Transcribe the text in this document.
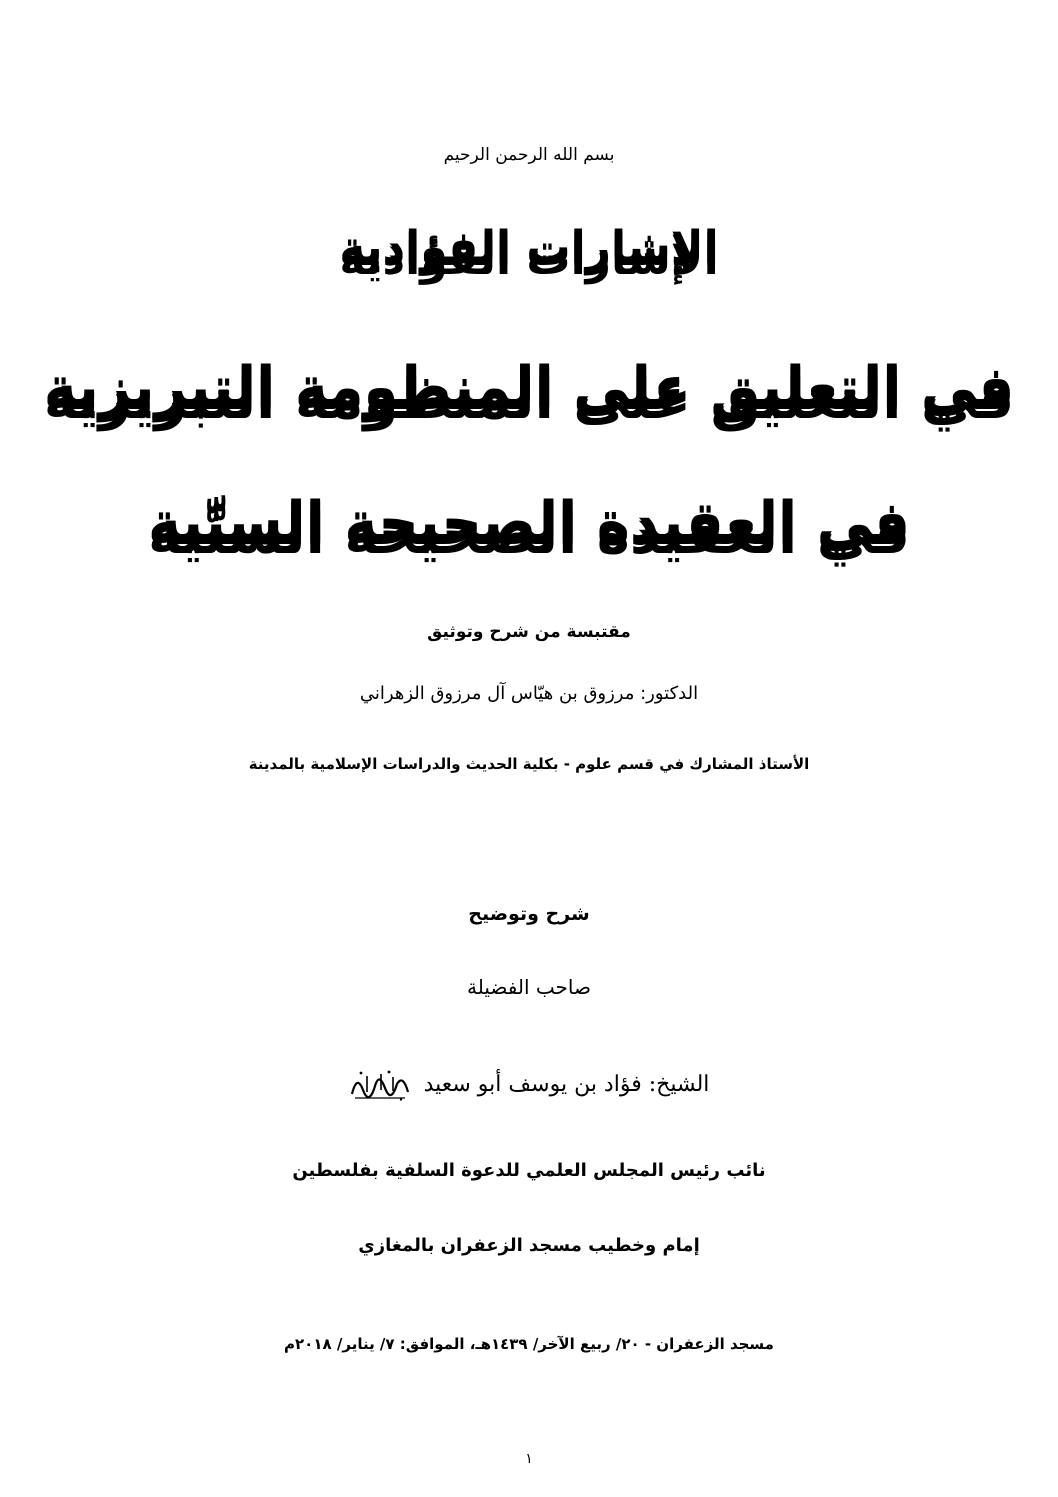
بسم الله الرحمن الرحيم
الإشارات الفؤادية
في التعليق على المنظومة التبريزية
في العقيدة الصحيحة السنّية
مقتبسة من شرح وتوثيق
الدكتور: مرزوق بن هيّاس آل مرزوق الزهراني
الأستاذ المشارك في قسم علوم - بكلية الحديث والدراسات الإسلامية بالمدينة
شرح وتوضيح
صاحب الفضيلة
الشيخ: فؤاد بن يوسف أبو سعيد
نائب رئيس المجلس العلمي للدعوة السلفية بفلسطين
إمام وخطيب مسجد الزعفران بالمغازي
مسجد الزعفران - ٢٠/ ربيع الآخر/ ١٤٣٩هـ، الموافق: ٧/ يناير/ ٢٠١٨م
١
